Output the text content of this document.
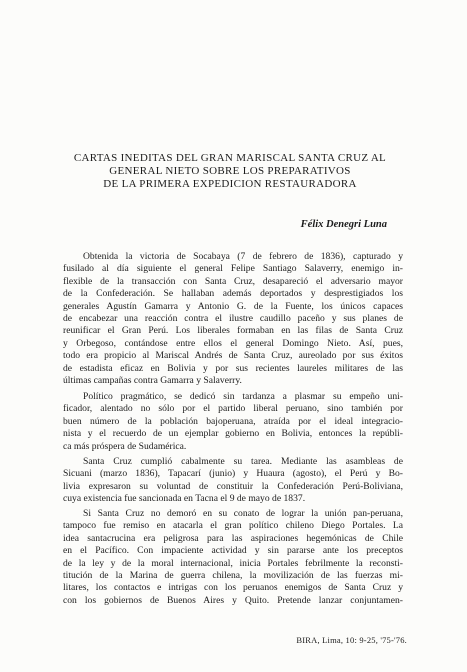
CARTAS INEDITAS DEL GRAN MARISCAL SANTA CRUZ AL
GENERAL NIETO SOBRE LOS PREPARATIVOS
DE LA PRIMERA EXPEDICION RESTAURADORA
Félix Denegri Luna
Obtenida la victoria de Socabaya (7 de febrero de 1836), capturado y
fusilado al día siguiente el general Felipe Santiago Salaverry, enemigo in-
flexible de la transacción con Santa Cruz, desapareció el adversario mayor
de la Confederación. Se hallaban además deportados y desprestigiados los
generales Agustín Gamarra y Antonio G. de la Fuente, los únicos capaces
de encabezar una reacción contra el ilustre caudillo paceño y sus planes de
reunificar el Gran Perú. Los liberales formaban en las filas de Santa Cruz
y Orbegoso, contándose entre ellos el general Domingo Nieto. Así, pues,
todo era propicio al Mariscal Andrés de Santa Cruz, aureolado por sus éxitos
de estadista eficaz en Bolivia y por sus recientes laureles militares de las
últimas campañas contra Gamarra y Salaverry.
Político pragmático, se dedicó sin tardanza a plasmar su empeño uni-
ficador, alentado no sólo por el partido liberal peruano, sino también por
buen número de la población bajoperuana, atraída por el ideal integracio-
nista y el recuerdo de un ejemplar gobierno en Bolivia, entonces la repúbli-
ca más próspera de Sudamérica.
Santa Cruz cumplió cabalmente su tarea. Mediante las asambleas de
Sicuani (marzo 1836), Tapacarí (junio) y Huaura (agosto), el Perú y Bo-
livia expresaron su voluntad de constituir la Confederación Perú-Boliviana,
cuya existencia fue sancionada en Tacna el 9 de mayo de 1837.
Si Santa Cruz no demoró en su conato de lograr la unión pan-peruana,
tampoco fue remiso en atacarla el gran político chileno Diego Portales. La
idea santacrucina era peligrosa para las aspiraciones hegemónicas de Chile
en el Pacífico. Con impaciente actividad y sin pararse ante los preceptos
de la ley y de la moral internacional, inicia Portales febrilmente la reconsti-
titución de la Marina de guerra chilena, la movilización de las fuerzas mi-
litares, los contactos e intrigas con los peruanos enemigos de Santa Cruz y
con los gobiernos de Buenos Aires y Quito. Pretende lanzar conjuntamen-
BIRA, Lima, 10: 9-25, '75-'76.
